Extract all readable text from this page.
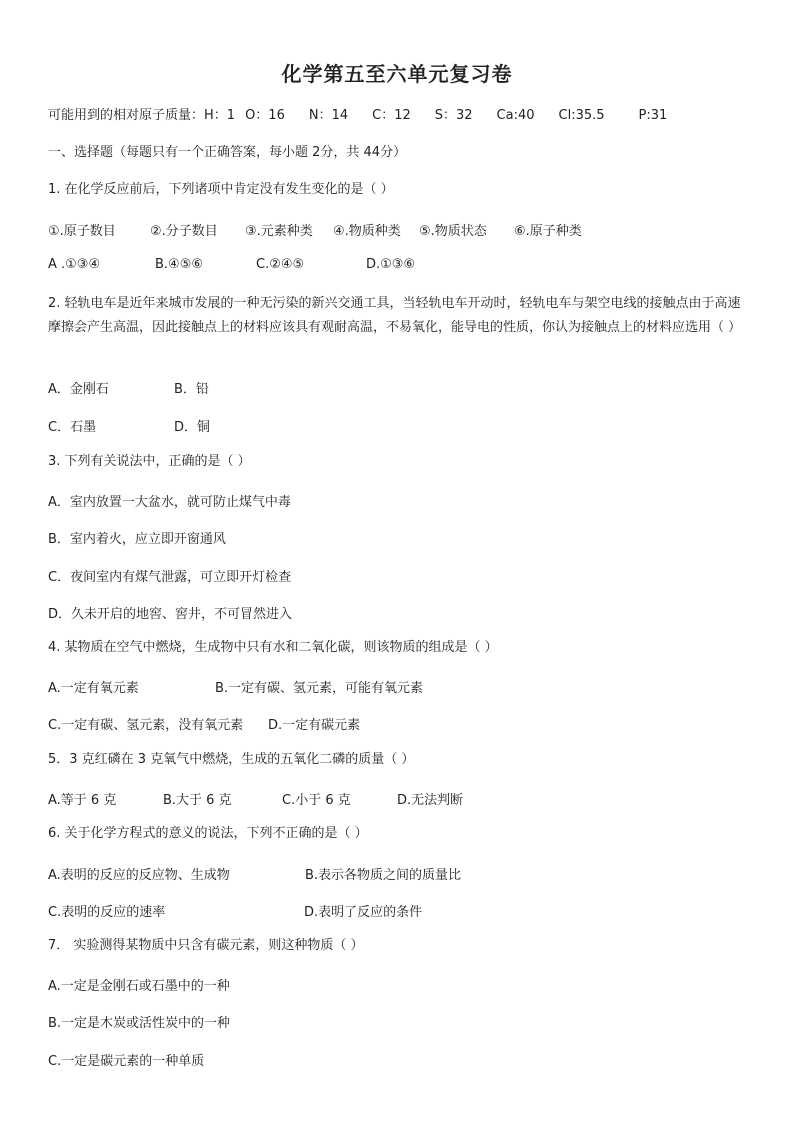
化学第五至六单元复习卷
可能用到的相对原子质量：H：1 O：16 N：14 C：12 S：32 Ca:40 Cl:35.5	P:31
一、选择题（每题只有一个正确答案，每小题 2分，共 44分）
1. 在化学反应前后，下列诸项中肯定没有发生变化的是（ ）
①.原子数目	②.分子数目 ③.元素种类 ④.物质种类 ⑤.物质状态 ⑥.原子种类
A .①③④	B.④⑤⑥	C.②④⑤	D.①③⑥
2. 轻轨电车是近年来城市发展的一种无污染的新兴交通工具，当轻轨电车开动时，轻轨电车与架空电线的接触点由于高速摩擦会产生高温，因此接触点上的材料应该具有观耐高温，不易氧化，能导电的性质，你认为接触点上的材料应选用（ ）
A．金刚石	B．铅
C．石墨	D．铜
3. 下列有关说法中，正确的是（ ）
A．室内放置一大盆水，就可防止煤气中毒
B．室内着火，应立即开窗通风
C．夜间室内有煤气泄露，可立即开灯检查
D．久未开启的地窖、窖井，不可冒然进入
4. 某物质在空气中燃烧，生成物中只有水和二氧化碳，则该物质的组成是（ ）
A.一定有氧元素	B.一定有碳、氢元素，可能有氧元素
C.一定有碳、氢元素，没有氧元素 D.一定有碳元素
5．3 克红磷在 3 克氧气中燃烧，生成的五氧化二磷的质量（ ）
A.等于 6 克	B.大于 6 克	C.小于 6 克	D.无法判断
6. 关于化学方程式的意义的说法，下列不正确的是（ ）
A.表明的反应的反应物、生成物	B.表示各物质之间的质量比
C.表明的反应的速率	D.表明了反应的条件
7． 实验测得某物质中只含有碳元素，则这种物质（ ）
A.一定是金刚石或石墨中的一种
B.一定是木炭或活性炭中的一种
C.一定是碳元素的一种单质
